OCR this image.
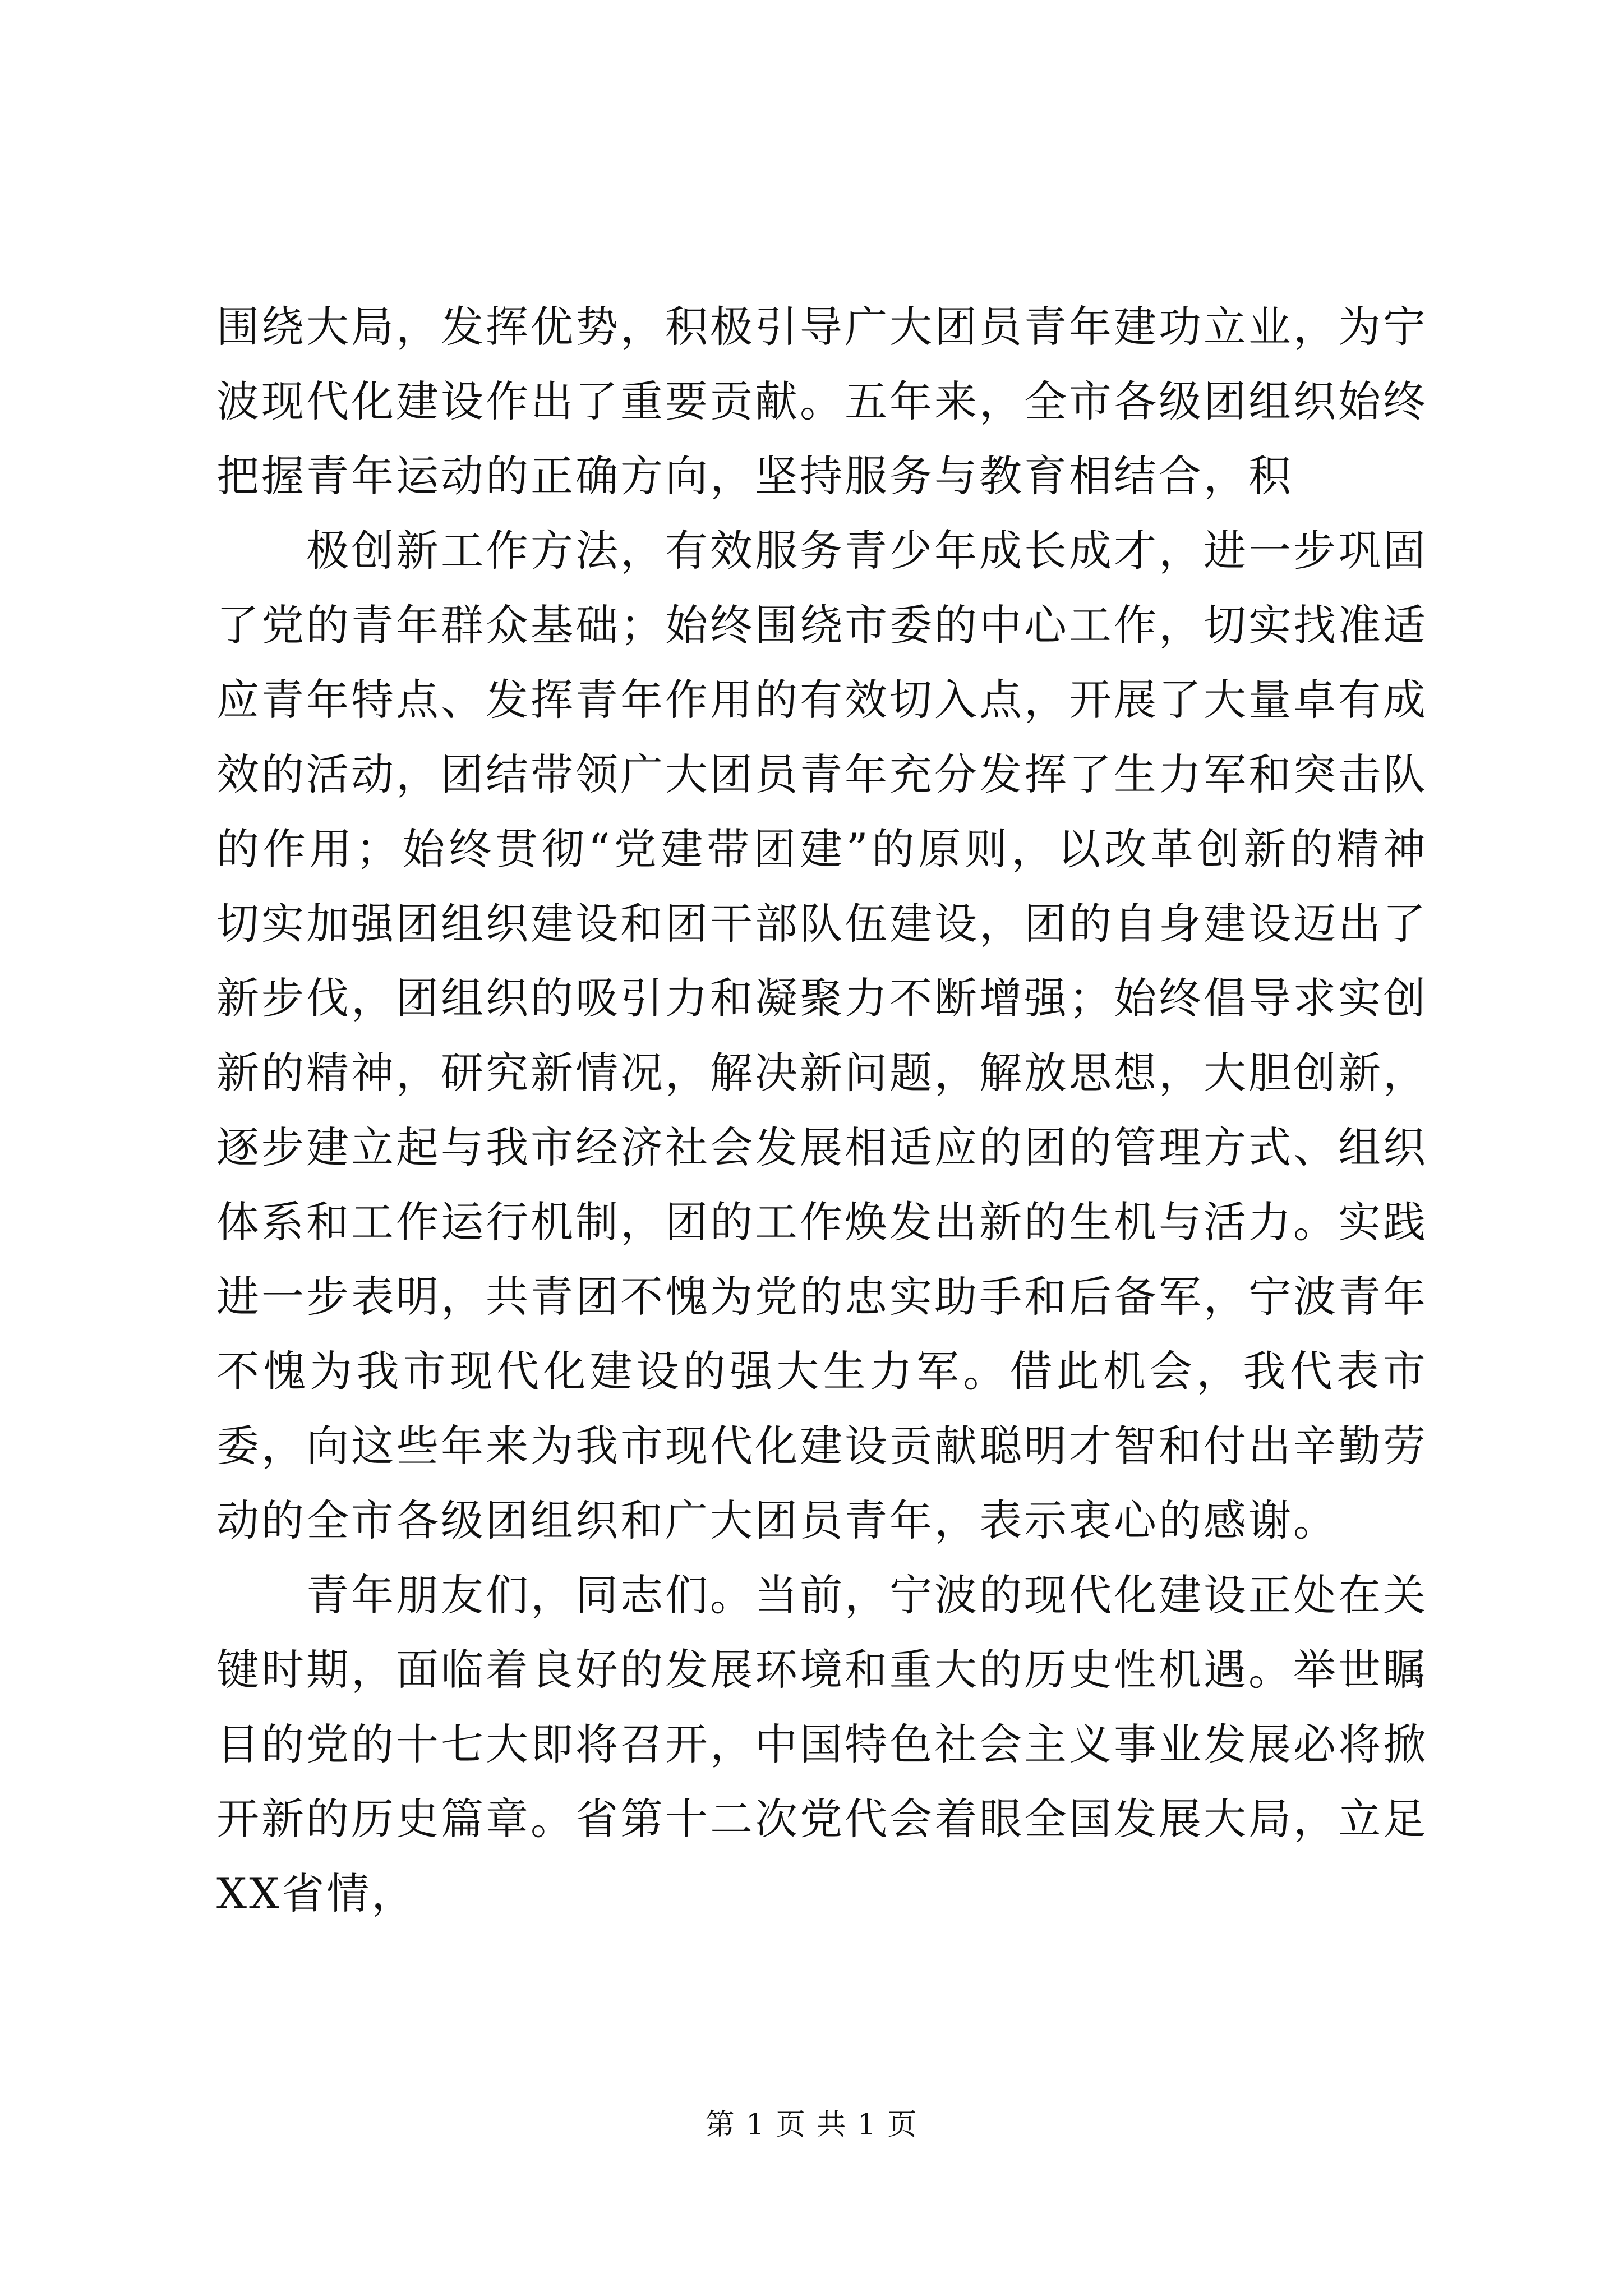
围绕大局，发挥优势，积极引导广大团员青年建功立业，为宁波现代化建设作出了重要贡献。五年来，全市各级团组织始终把握青年运动的正确方向，坚持服务与教育相结合，积

极创新工作方法，有效服务青少年成长成才，进一步巩固了党的青年群众基础；始终围绕市委的中心工作，切实找准适应青年特点、发挥青年作用的有效切入点，开展了大量卓有成效的活动，团结带领广大团员青年充分发挥了生力军和突击队的作用；始终贯彻“党建带团建”的原则，以改革创新的精神切实加强团组织建设和团干部队伍建设，团的自身建设迈出了新步伐，团组织的吸引力和凝聚力不断增强；始终倡导求实创新的精神，研究新情况，解决新问题，解放思想，大胆创新，逐步建立起与我市经济社会发展相适应的团的管理方式、组织体系和工作运行机制，团的工作焕发出新的生机与活力。实践进一步表明，共青团不愧为党的忠实助手和后备军，宁波青年不愧为我市现代化建设的强大生力军。借此机会，我代表市委，向这些年来为我市现代化建设贡献聪明才智和付出辛勤劳动的全市各级团组织和广大团员青年，表示衷心的感谢。

青年朋友们，同志们。当前，宁波的现代化建设正处在关键时期，面临着良好的发展环境和重大的历史性机遇。举世瞩目的党的十七大即将召开，中国特色社会主义事业发展必将掀开新的历史篇章。省第十二次党代会着眼全国发展大局，立足XX省情，

第 1 页 共 1 页
